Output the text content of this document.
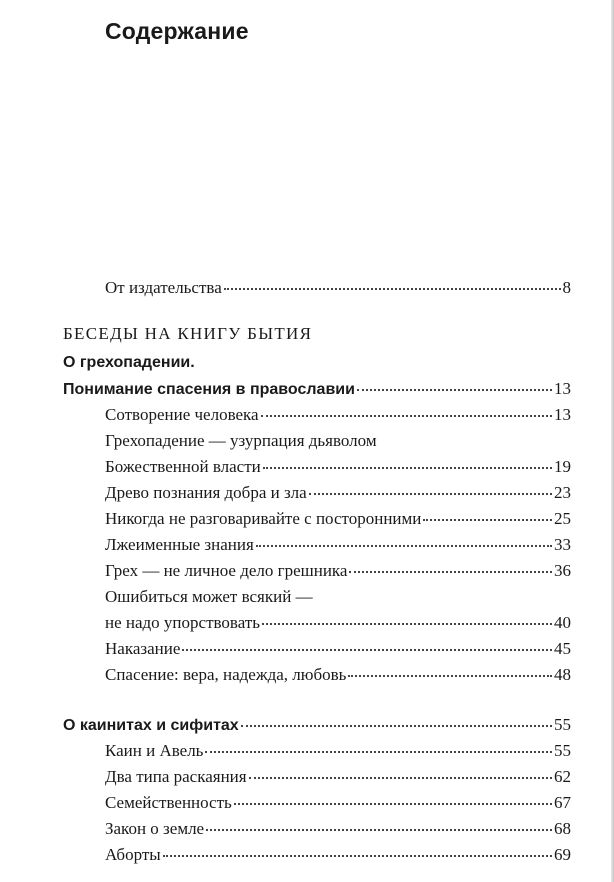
Содержание
От издательства	8
БЕСЕДЫ НА КНИГУ БЫТИЯ
О грехопадении.
Понимание спасения в православии	13
Сотворение человека	13
Грехопадение — узурпация дьяволом
Божественной власти	19
Древо познания добра и зла	23
Никогда не разговаривайте с посторонними	25
Лжеименные знания	33
Грех — не личное дело грешника	36
Ошибиться может всякий —
не надо упорствовать	40
Наказание	45
Спасение: вера, надежда, любовь	48
О каинитах и сифитах	55
Каин и Авель	55
Два типа раскаяния	62
Семейственность	67
Закон о земле	68
Аборты	69
